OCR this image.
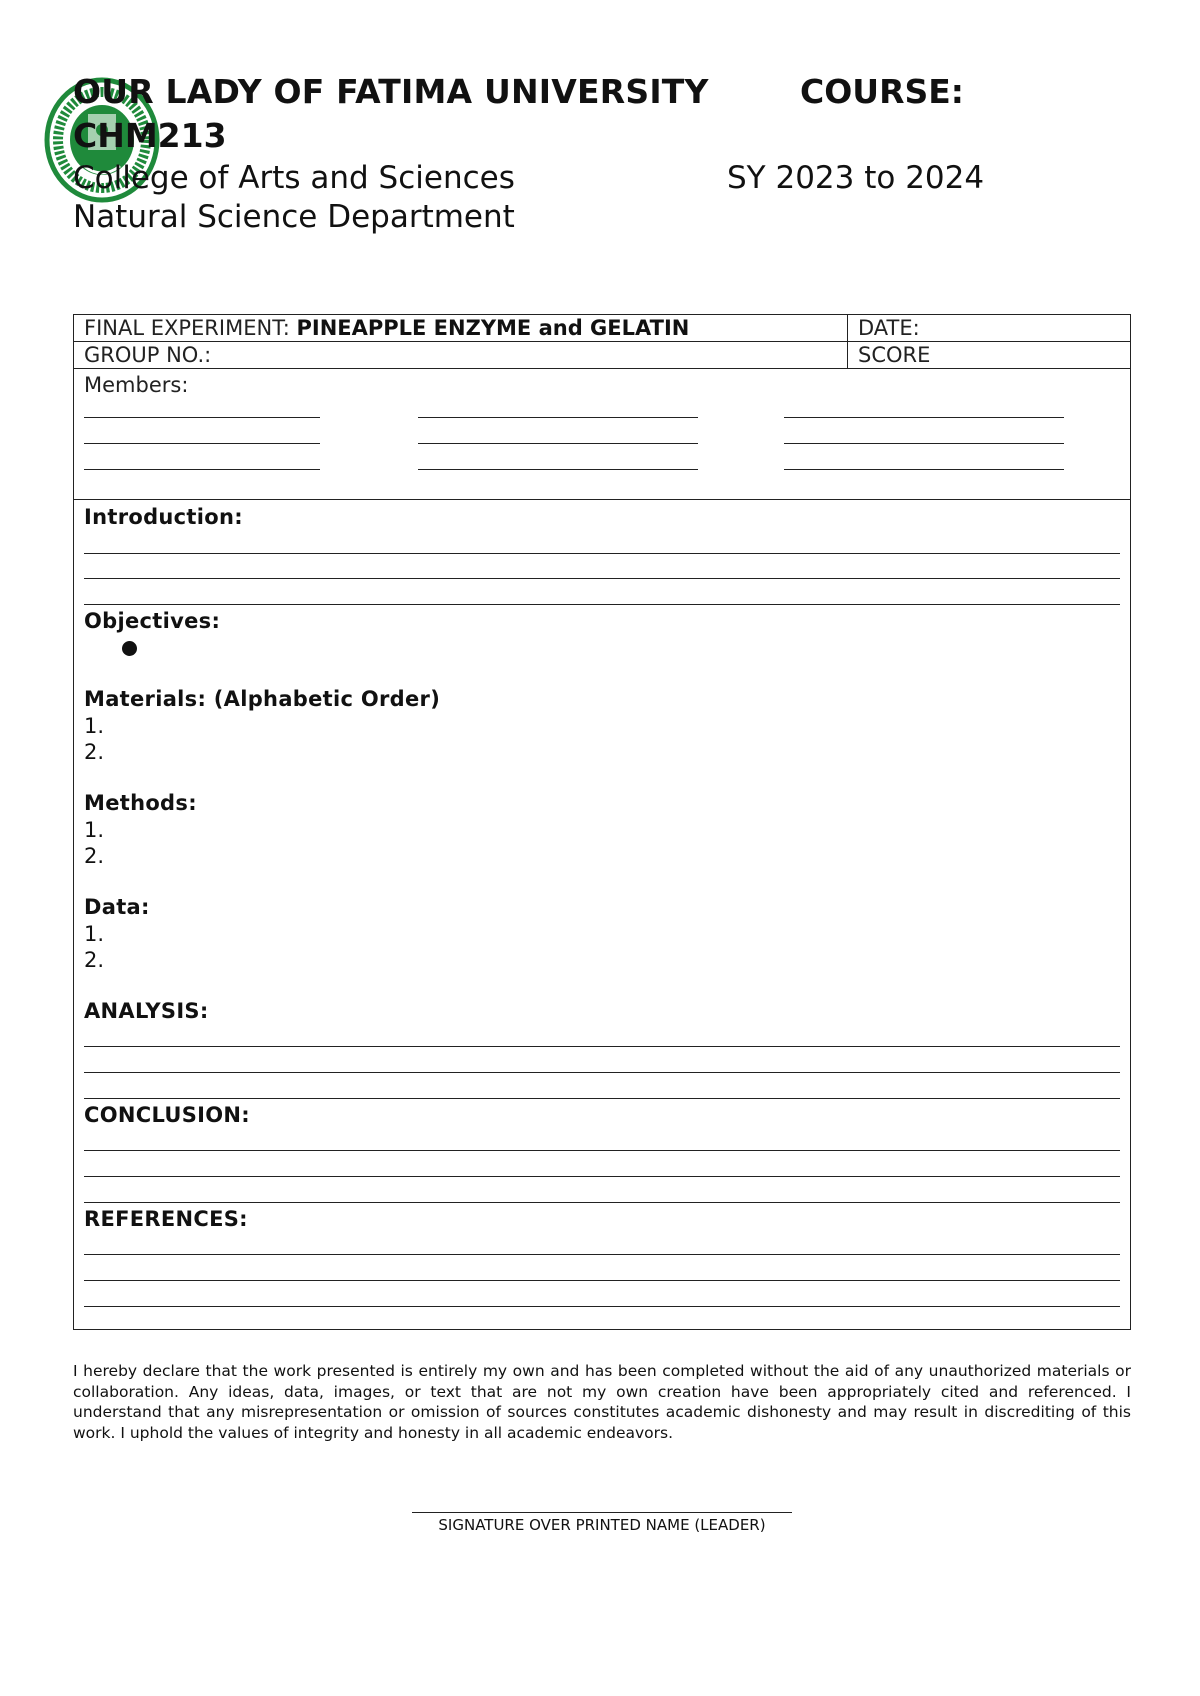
OUR LADY OF FATIMA UNIVERSITY	COURSE:
CHM213
College of Arts and Sciences	SY 2023 to 2024
Natural Science Department
FINAL EXPERIMENT: PINEAPPLE ENZYME and GELATIN	DATE:
GROUP NO.:	SCORE
Members:
Introduction:
Objectives:
Materials: (Alphabetic Order)
1.
2.
Methods:
1.
2.
Data:
1.
2.
ANALYSIS:
CONCLUSION:
REFERENCES:

I hereby declare that the work presented is entirely my own and has been completed without the aid of any unauthorized materials or collaboration. Any ideas, data, images, or text that are not my own creation have been appropriately cited and referenced. I understand that any misrepresentation or omission of sources constitutes academic dishonesty and may result in discrediting of this work. I uphold the values of integrity and honesty in all academic endeavors.

SIGNATURE OVER PRINTED NAME (LEADER)
